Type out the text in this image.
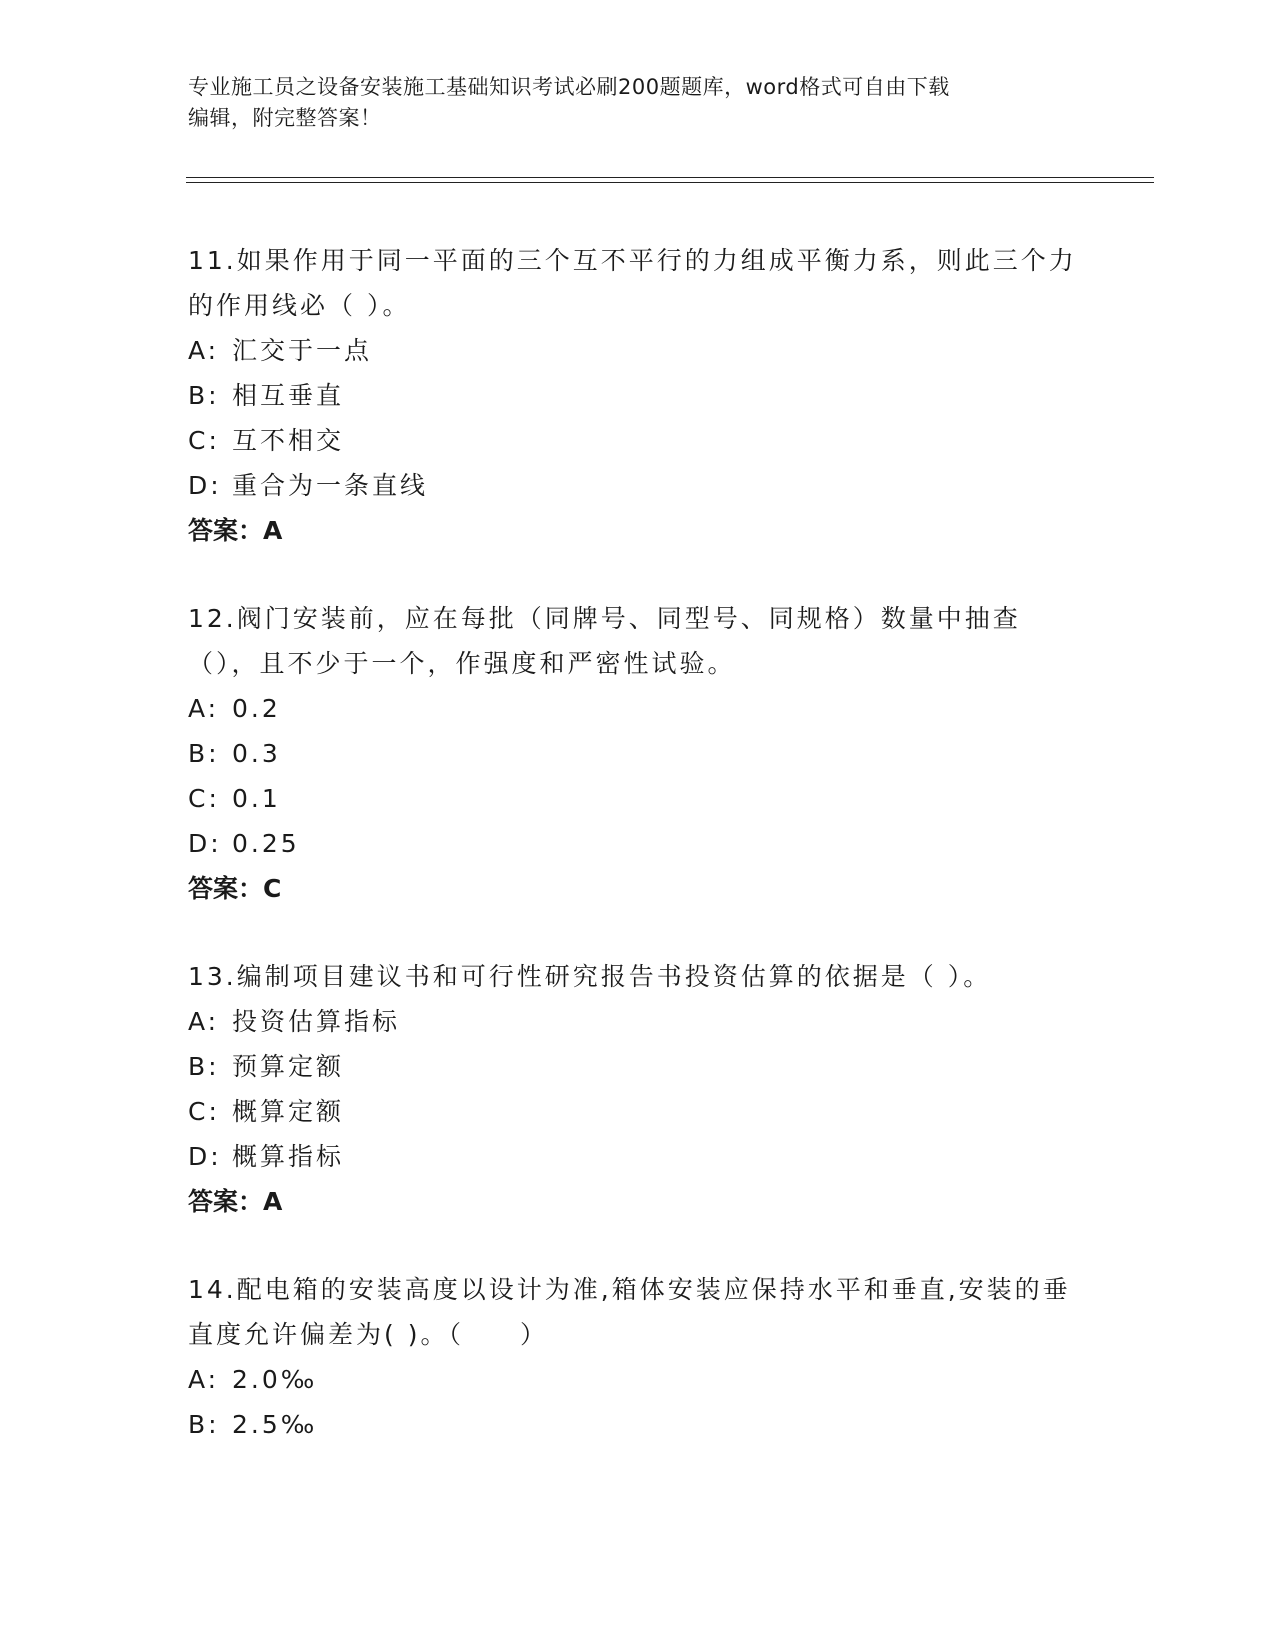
专业施工员之设备安装施工基础知识考试必刷200题题库，word格式可自由下载
编辑，附完整答案！
11.如果作用于同一平面的三个互不平行的力组成平衡力系，则此三个力的作用线必（ ）。
A: 汇交于一点
B: 相互垂直
C: 互不相交
D: 重合为一条直线
答案：A
12.阀门安装前，应在每批（同牌号、同型号、同规格）数量中抽查（），且不少于一个，作强度和严密性试验。
A: 0.2
B: 0.3
C: 0.1
D: 0.25
答案：C
13.编制项目建议书和可行性研究报告书投资估算的依据是（ ）。
A: 投资估算指标
B: 预算定额
C: 概算定额
D: 概算指标
答案：A
14.配电箱的安装高度以设计为准,箱体安装应保持水平和垂直,安装的垂直度允许偏差为( )。（　　）
A: 2.0‰
B: 2.5‰
